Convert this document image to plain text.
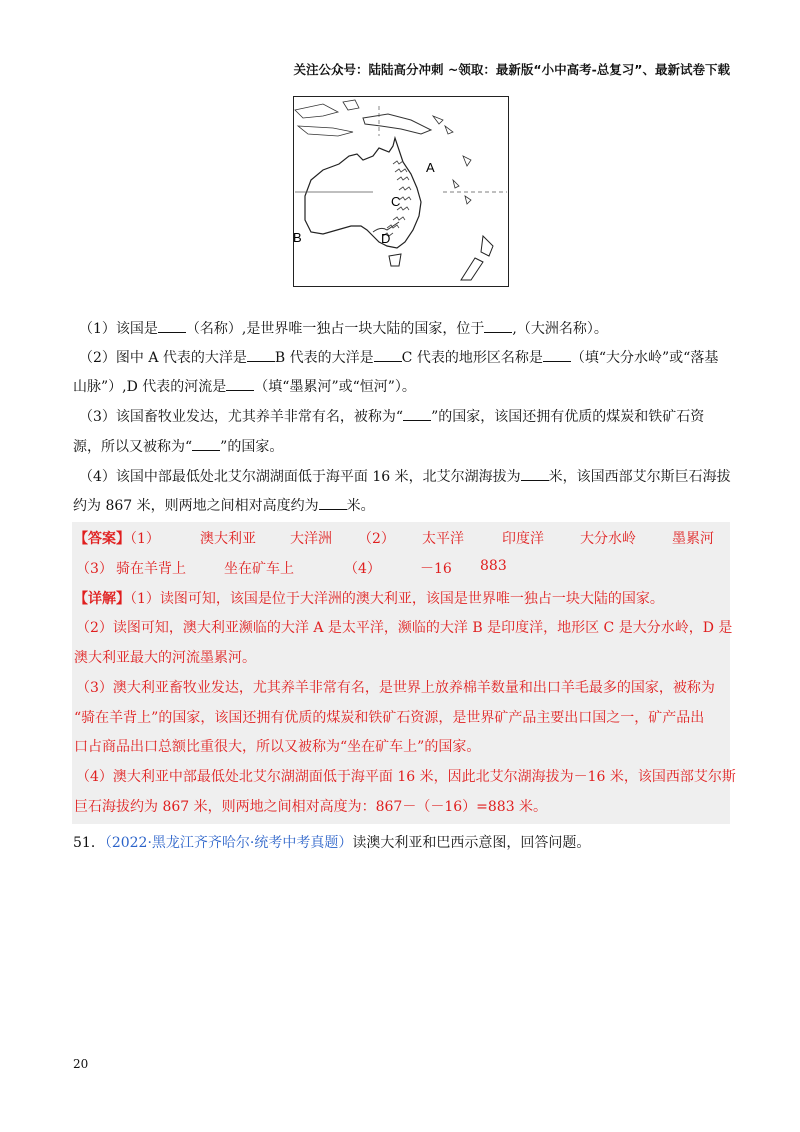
关注公众号：陆陆高分冲刺 ~领取：最新版“小中高考-总复习”、最新试卷下载
A
B
C
D
（1）该国是 （名称）,是世界唯一独占一块大陆的国家，位于 ,（大洲名称）。
（2）图中 A 代表的大洋是 B 代表的大洋是 C 代表的地形区名称是 （填“大分水岭”或“落基
山脉”）,D 代表的河流是 （填“墨累河”或“恒河”）。
（3）该国畜牧业发达，尤其养羊非常有名，被称为“ ”的国家，该国还拥有优质的煤炭和铁矿石资
源，所以又被称为“ ”的国家。
（4）该国中部最低处北艾尔湖湖面低于海平面 16 米，北艾尔湖海拔为 米，该国西部艾尔斯巨石海拔
约为 867 米，则两地之间相对高度约为 米。
【答案】（1）	澳大利亚 大洋洲 （2） 太平洋	印度洋	大分水岭	墨累河
（3） 骑在羊背上	坐在矿车上	（4）	－16 883
【详解】（1）读图可知，该国是位于大洋洲的澳大利亚，该国是世界唯一独占一块大陆的国家。
（2）读图可知，澳大利亚濒临的大洋 A 是太平洋，濒临的大洋 B 是印度洋，地形区 C 是大分水岭，D 是
澳大利亚最大的河流墨累河。
（3）澳大利亚畜牧业发达，尤其养羊非常有名，是世界上放养棉羊数量和出口羊毛最多的国家，被称为
“骑在羊背上”的国家，该国还拥有优质的煤炭和铁矿石资源，是世界矿产品主要出口国之一，矿产品出
口占商品出口总额比重很大，所以又被称为“坐在矿车上”的国家。
（4）澳大利亚中部最低处北艾尔湖湖面低于海平面 16 米，因此北艾尔湖海拔为－16 米，该国西部艾尔斯
巨石海拔约为 867 米，则两地之间相对高度为：867－（－16）=883 米。
51．（2022·黑龙江齐齐哈尔·统考中考真题）读澳大利亚和巴西示意图，回答问题。
20
